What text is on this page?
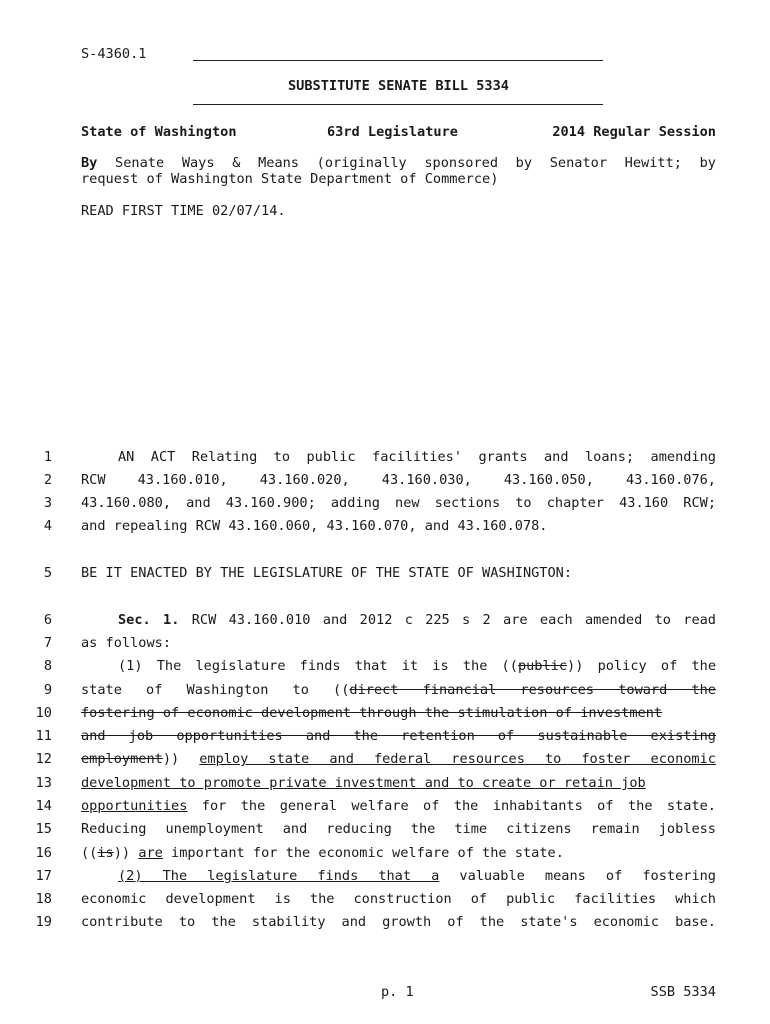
S-4360.1
SUBSTITUTE SENATE BILL 5334
State of Washington	63rd Legislature	2014 Regular Session
By Senate Ways & Means (originally sponsored by Senator Hewitt; by
request of Washington State Department of Commerce)
READ FIRST TIME 02/07/14.
1
2
3
4
5
6
7
8
9
10
11
12
13
14
15
16
17
18
19
AN ACT Relating to public facilities' grants and loans; amending
RCW 43.160.010, 43.160.020, 43.160.030, 43.160.050, 43.160.076,
43.160.080, and 43.160.900; adding new sections to chapter 43.160 RCW;
and repealing RCW 43.160.060, 43.160.070, and 43.160.078.
BE IT ENACTED BY THE LEGISLATURE OF THE STATE OF WASHINGTON:
Sec. 1. RCW 43.160.010 and 2012 c 225 s 2 are each amended to read
as follows:
(1) The legislature finds that it is the ((public)) policy of the
state of Washington to ((direct financial resources toward the
fostering of economic development through the stimulation of investment
and job opportunities and the retention of sustainable existing
employment)) employ state and federal resources to foster economic
development to promote private investment and to create or retain job
opportunities for the general welfare of the inhabitants of the state.
Reducing unemployment and reducing the time citizens remain jobless
((is)) are important for the economic welfare of the state.
(2) The legislature finds that a valuable means of fostering
economic development is the construction of public facilities which
contribute to the stability and growth of the state's economic base.
p. 1	SSB 5334
